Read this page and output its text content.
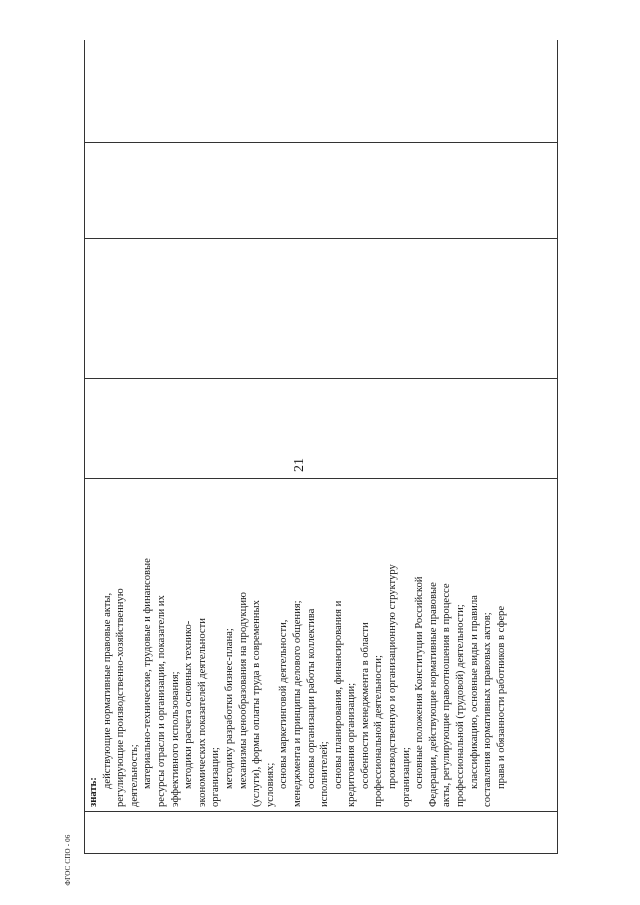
21

знать:

действующие нормативные правовые акты, регулирующие производственно-хозяйственную деятельность; материально-технические, трудовые и финансовые ресурсы отрасли и организации, показатели их эффективного использования; методики расчета основных технико- экономических показателей деятельности организации; методику разработки бизнес-плана; механизмы ценообразования на продукцию (услуги), формы оплаты труда в современных условиях; основы маркетинговой деятельности, менеджмента и принципы делового общения; основы организации работы коллектива исполнителей; основы планирования, финансирования и кредитования организации; особенности менеджмента в области профессиональной деятельности; производственную и организационную структуру организации; основные положения Конституции Российской Федерации, действующие нормативные правовые акты, регулирующие правоотношения в процессе профессиональной (трудовой) деятельности; классификацию, основные виды и правила составления нормативных правовых актов; права и обязанности работников в сфере

ФГОС СПО - 06
